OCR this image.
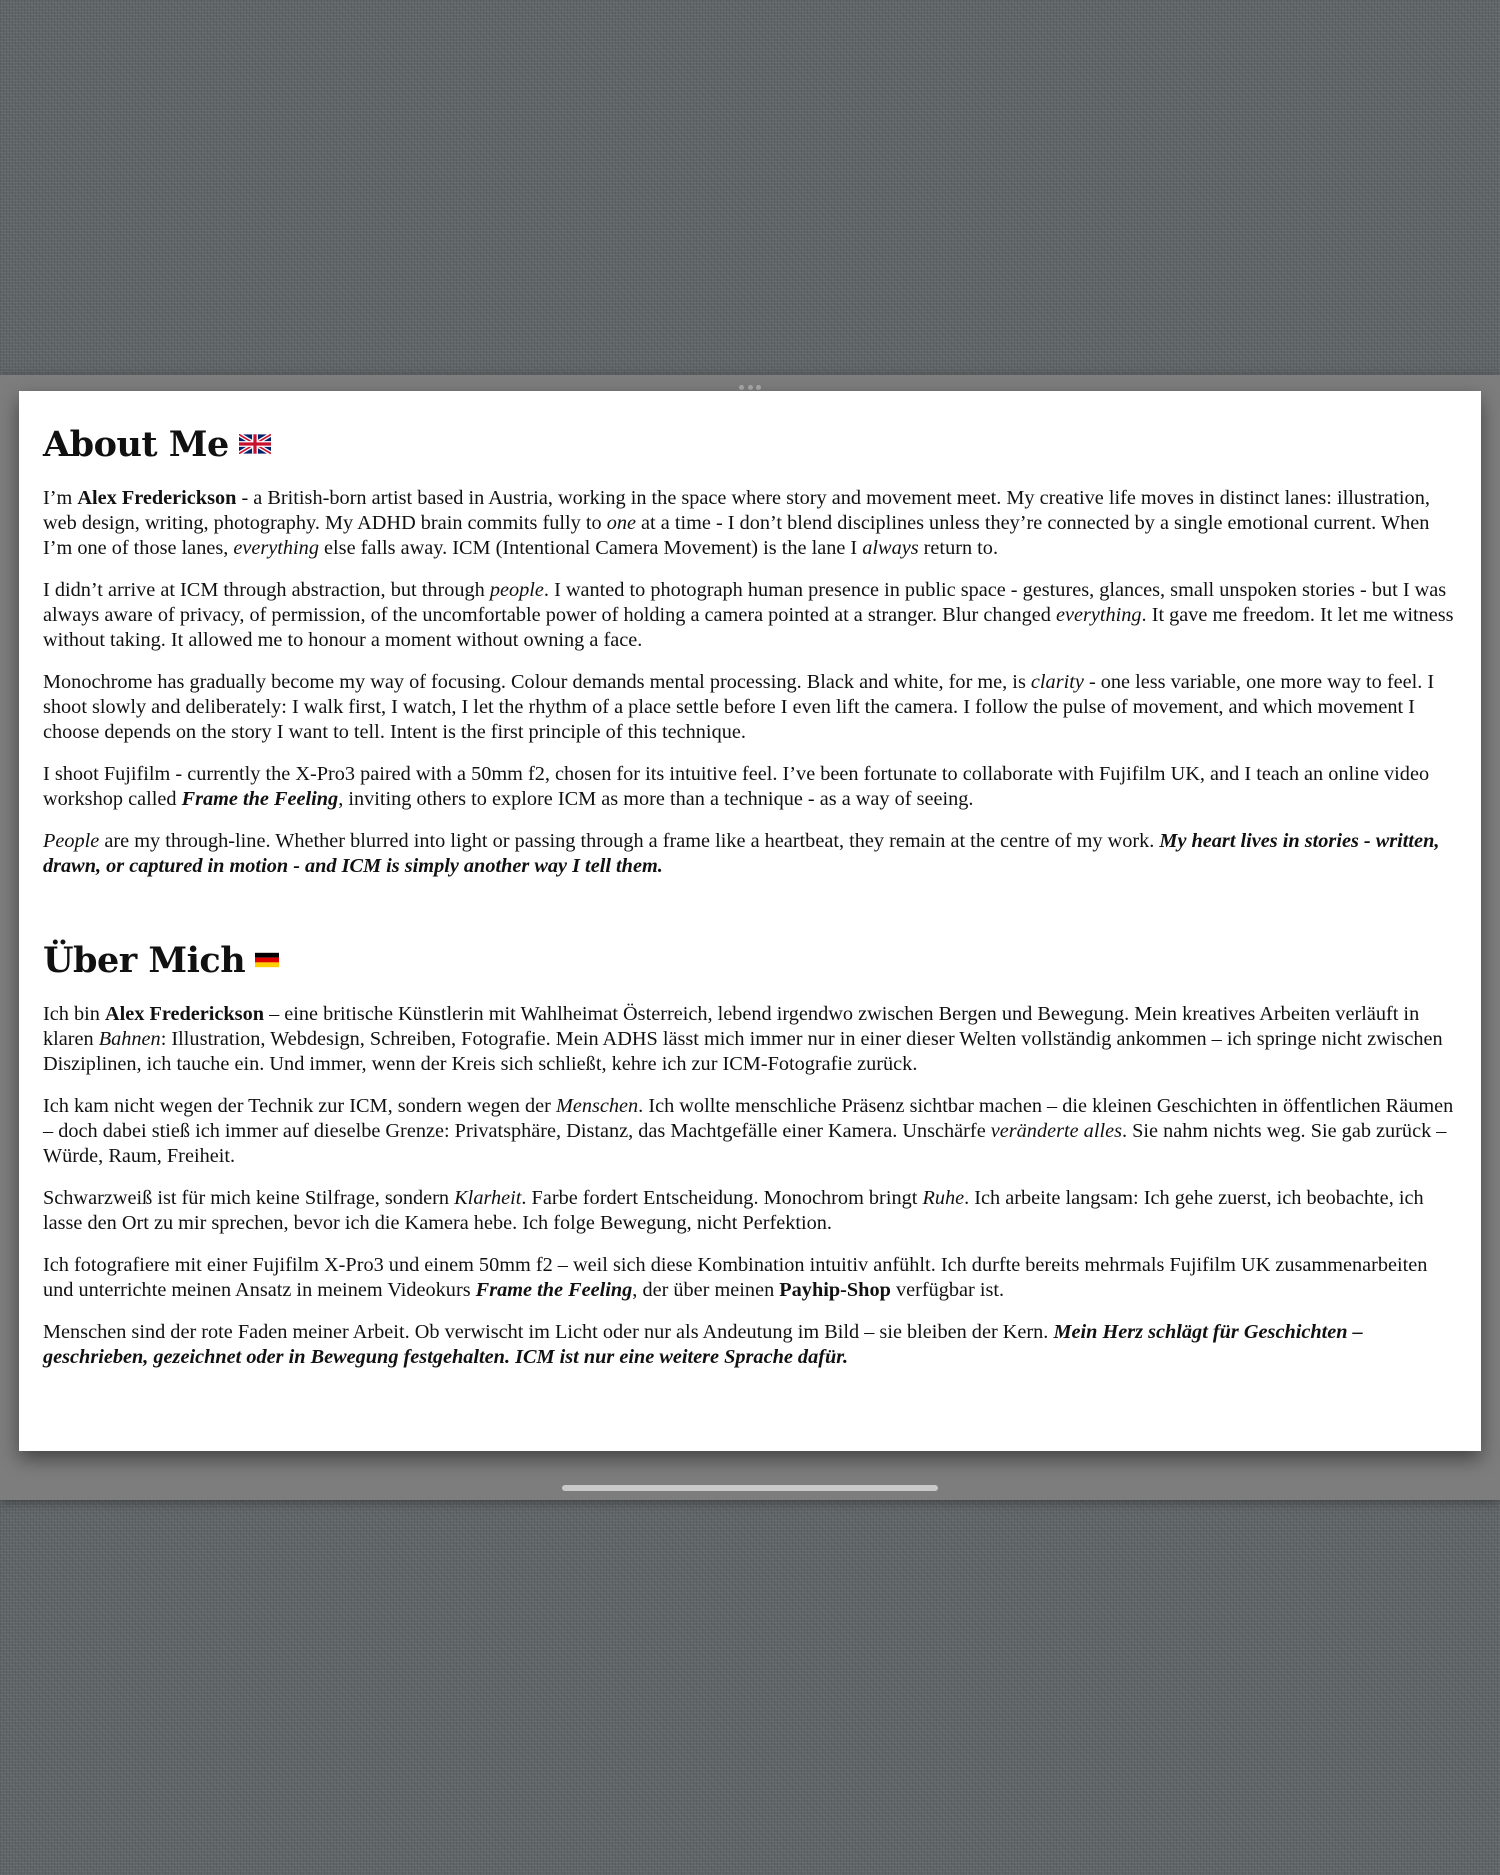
About Me

I’m Alex Frederickson - a British-born artist based in Austria, working in the space where story and movement meet. My creative life moves in distinct lanes: illustration, web design, writing, photography. My ADHD brain commits fully to one at a time - I don’t blend disciplines unless they’re connected by a single emotional current. When I’m one of those lanes, everything else falls away. ICM (Intentional Camera Movement) is the lane I always return to.

I didn’t arrive at ICM through abstraction, but through people. I wanted to photograph human presence in public space - gestures, glances, small unspoken stories - but I was always aware of privacy, of permission, of the uncomfortable power of holding a camera pointed at a stranger. Blur changed everything. It gave me freedom. It let me witness without taking. It allowed me to honour a moment without owning a face.

Monochrome has gradually become my way of focusing. Colour demands mental processing. Black and white, for me, is clarity - one less variable, one more way to feel. I shoot slowly and deliberately: I walk first, I watch, I let the rhythm of a place settle before I even lift the camera. I follow the pulse of movement, and which movement I choose depends on the story I want to tell. Intent is the first principle of this technique.

I shoot Fujifilm - currently the X-Pro3 paired with a 50mm f2, chosen for its intuitive feel. I’ve been fortunate to collaborate with Fujifilm UK, and I teach an online video workshop called Frame the Feeling, inviting others to explore ICM as more than a technique - as a way of seeing.

People are my through-line. Whether blurred into light or passing through a frame like a heartbeat, they remain at the centre of my work. My heart lives in stories - written, drawn, or captured in motion - and ICM is simply another way I tell them.

Über Mich

Ich bin Alex Frederickson – eine britische Künstlerin mit Wahlheimat Österreich, lebend irgendwo zwischen Bergen und Bewegung. Mein kreatives Arbeiten verläuft in klaren Bahnen: Illustration, Webdesign, Schreiben, Fotografie. Mein ADHS lässt mich immer nur in einer dieser Welten vollständig ankommen – ich springe nicht zwischen Disziplinen, ich tauche ein. Und immer, wenn der Kreis sich schließt, kehre ich zur ICM-Fotografie zurück.

Ich kam nicht wegen der Technik zur ICM, sondern wegen der Menschen. Ich wollte menschliche Präsenz sichtbar machen – die kleinen Geschichten in öffentlichen Räumen – doch dabei stieß ich immer auf dieselbe Grenze: Privatsphäre, Distanz, das Machtgefälle einer Kamera. Unschärfe veränderte alles. Sie nahm nichts weg. Sie gab zurück – Würde, Raum, Freiheit.

Schwarzweiß ist für mich keine Stilfrage, sondern Klarheit. Farbe fordert Entscheidung. Monochrom bringt Ruhe. Ich arbeite langsam: Ich gehe zuerst, ich beobachte, ich lasse den Ort zu mir sprechen, bevor ich die Kamera hebe. Ich folge Bewegung, nicht Perfektion.

Ich fotografiere mit einer Fujifilm X-Pro3 und einem 50mm f2 – weil sich diese Kombination intuitiv anfühlt. Ich durfte bereits mehrmals Fujifilm UK zusammenarbeiten und unterrichte meinen Ansatz in meinem Videokurs Frame the Feeling, der über meinen Payhip-Shop verfügbar ist.

Menschen sind der rote Faden meiner Arbeit. Ob verwischt im Licht oder nur als Andeutung im Bild – sie bleiben der Kern. Mein Herz schlägt für Geschichten – geschrieben, gezeichnet oder in Bewegung festgehalten. ICM ist nur eine weitere Sprache dafür.
